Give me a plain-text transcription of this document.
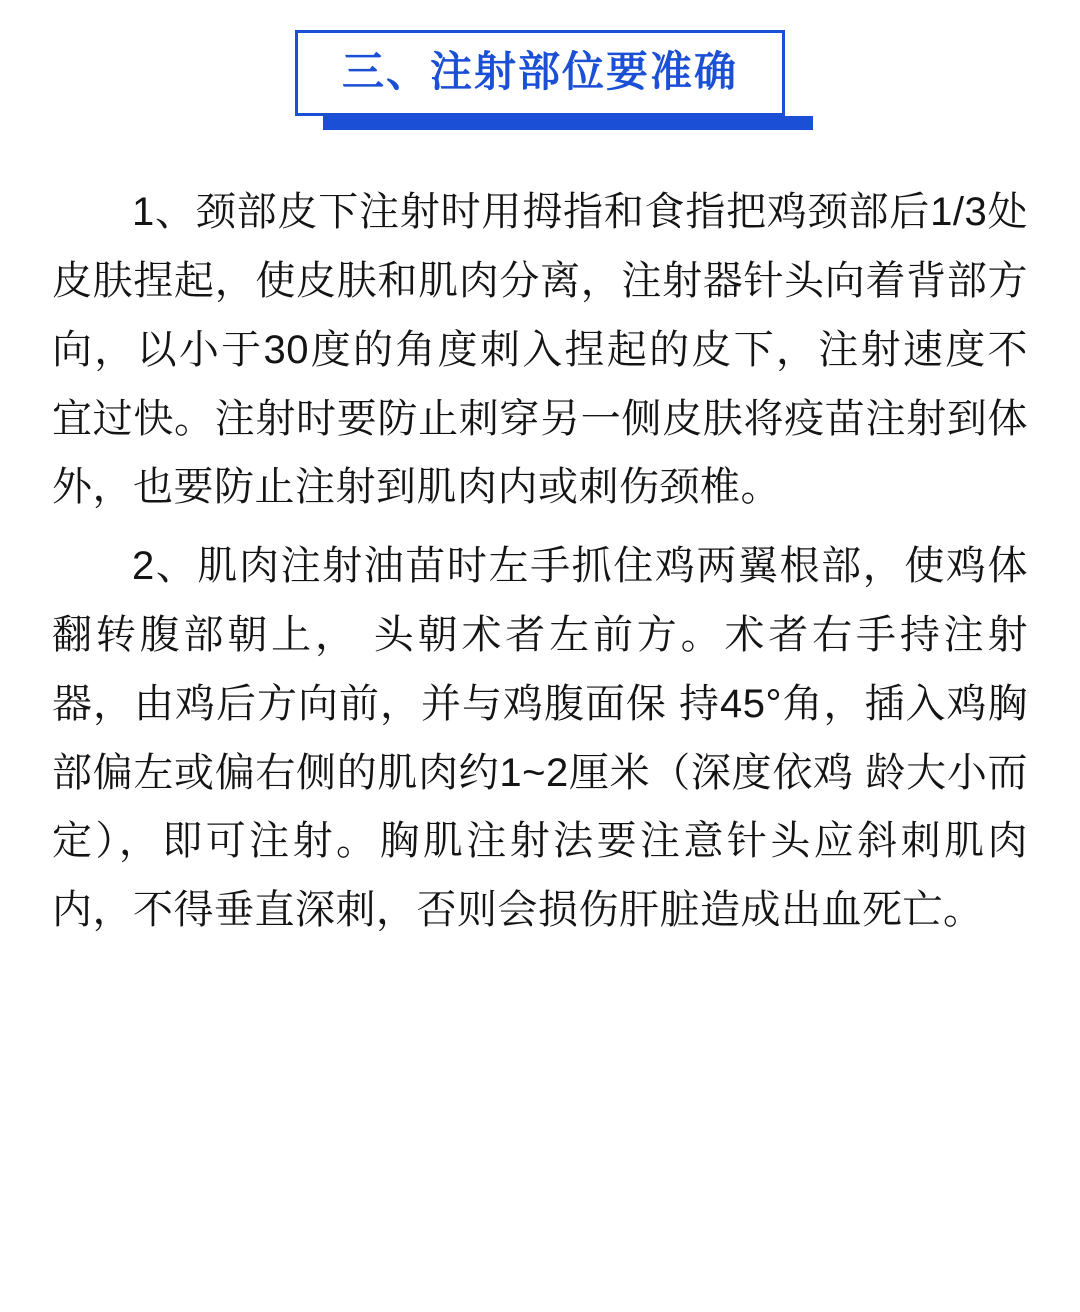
三、注射部位要准确

1、颈部皮下注射时用拇指和食指把鸡颈部后1/3处皮肤捏起，使皮肤和肌肉分离，注射器针头向着背部方向，以小于30度的角度刺入捏起的皮下，注射速度不宜过快。注射时要防止刺穿另一侧皮肤将疫苗注射到体外，也要防止注射到肌肉内或刺伤颈椎。

2、肌肉注射油苗时左手抓住鸡两翼根部，使鸡体翻转腹部朝上， 头朝术者左前方。术者右手持注射器，由鸡后方向前，并与鸡腹面保 持45°角，插入鸡胸部偏左或偏右侧的肌肉约1~2厘米（深度依鸡 龄大小而定），即可注射。胸肌注射法要注意针头应斜刺肌肉内，不得垂直深刺，否则会损伤肝脏造成出血死亡。
